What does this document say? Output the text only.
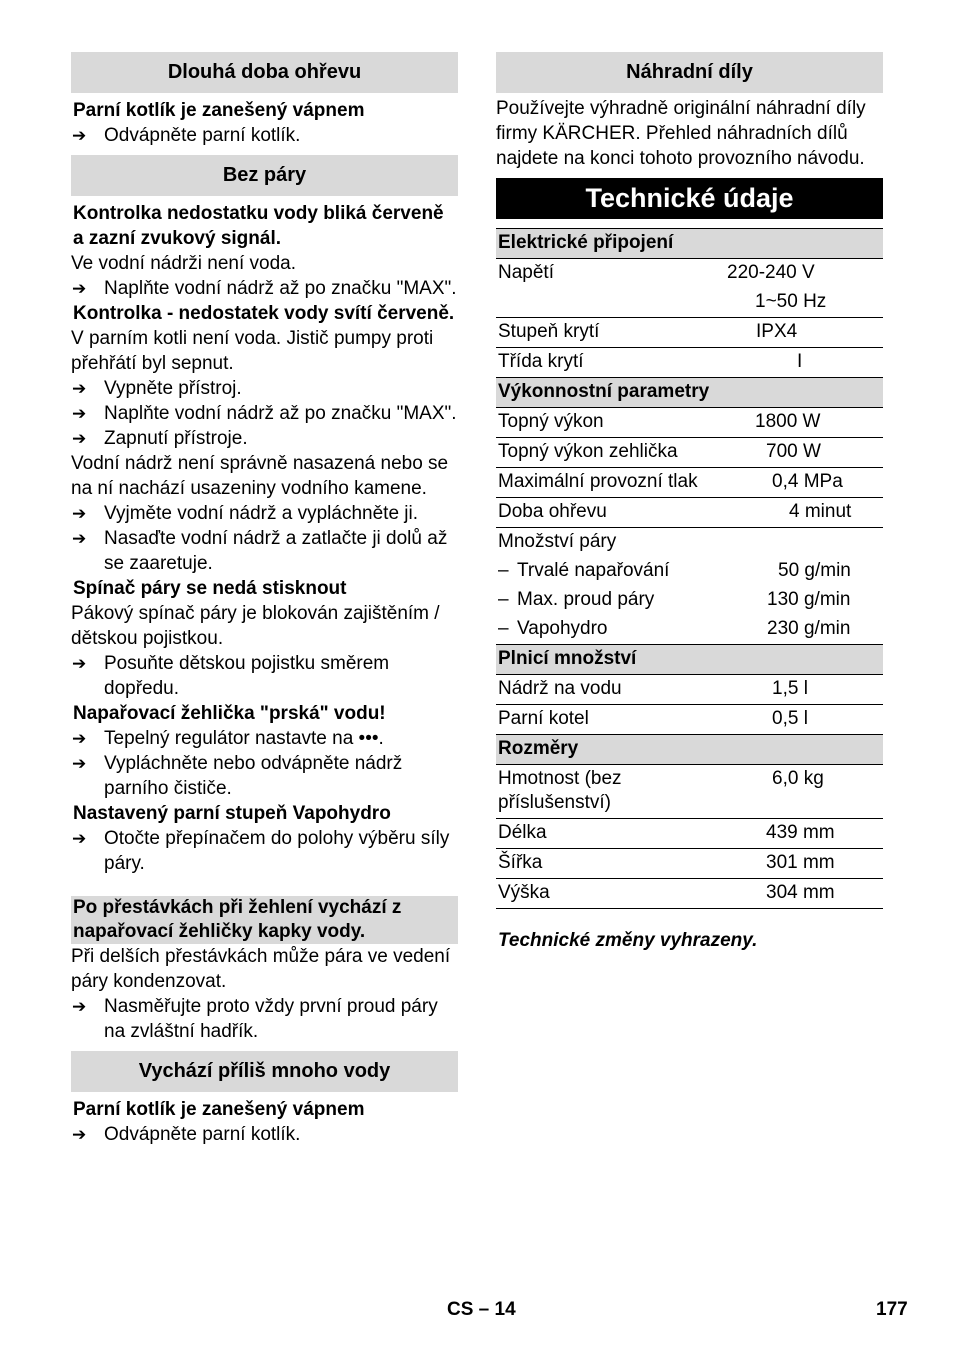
Dlouhá doba ohřevu
Parní kotlík je zanešený vápnem
➔ Odvápněte parní kotlík.
Bez páry
Kontrolka nedostatku vody bliká červeně a zazní zvukový signál.
Ve vodní nádrži není voda.
➔ Naplňte vodní nádrž až po značku "MAX".
Kontrolka - nedostatek vody svítí červeně.
V parním kotli není voda. Jistič pumpy proti přehřátí byl sepnut.
➔ Vypněte přístroj.
➔ Naplňte vodní nádrž až po značku "MAX".
➔ Zapnutí přístroje.
Vodní nádrž není správně nasazená nebo se na ní nachází usazeniny vodního kamene.
➔ Vyjměte vodní nádrž a vypláchněte ji.
➔ Nasaďte vodní nádrž a zatlačte ji dolů až se zaaretuje.
Spínač páry se nedá stisknout
Pákový spínač páry je blokován zajištěním / dětskou pojistkou.
➔ Posuňte dětskou pojistku směrem dopředu.
Napařovací žehlička "prská" vodu!
➔ Tepelný regulátor nastavte na •••.
➔ Vypláchněte nebo odvápněte nádrž parního čističe.
Nastavený parní stupeň Vapohydro
➔ Otočte přepínačem do polohy výběru síly páry.
Po přestávkách při žehlení vychází z napařovací žehličky kapky vody.
Při delších přestávkách může pára ve vedení páry kondenzovat.
➔ Nasměřujte proto vždy první proud páry na zvláštní hadřík.
Vychází příliš mnoho vody
Parní kotlík je zanešený vápnem
➔ Odvápněte parní kotlík.
Náhradní díly
Používejte výhradně originální náhradní díly firmy KÄRCHER. Přehled náhradních dílů najdete na konci tohoto provozního návodu.
Technické údaje
Elektrické připojení	
Napětí	220-240 V
	1~50 Hz
Stupeň krytí	IPX4
Třída krytí	I
Výkonnostní parametry	
Topný výkon	1800 W
Topný výkon zehlička	700 W
Maximální provozní tlak	0,4 MPa
Doba ohřevu	4 minut
Množství páry	
– Trvalé napařování	50 g/min
– Max. proud páry	130 g/min
– Vapohydro	230 g/min
Plnicí množství	
Nádrž na vodu	1,5 l
Parní kotel	0,5 l
Rozměry	
Hmotnost (bez příslušenství)	6,0 kg
Délka	439 mm
Šířka	301 mm
Výška	304 mm
Technické změny vyhrazeny.
CS – 14	177
